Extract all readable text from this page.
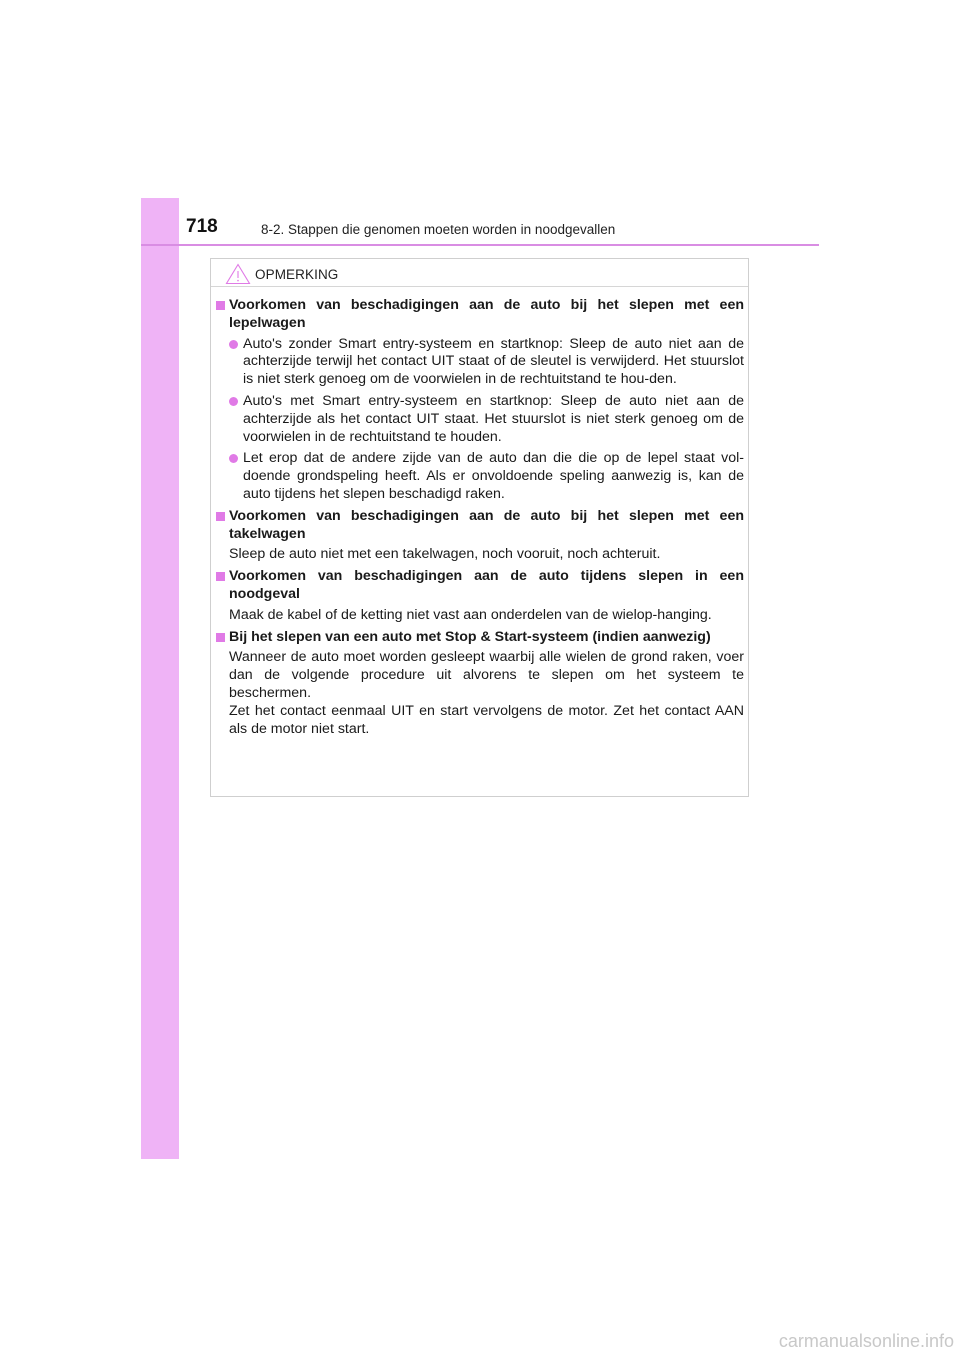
718	8-2. Stappen die genomen moeten worden in noodgevallen
OPMERKING
Voorkomen van beschadigingen aan de auto bij het slepen met een lepelwagen
Auto's zonder Smart entry-systeem en startknop: Sleep de auto niet aan de achterzijde terwijl het contact UIT staat of de sleutel is verwijderd. Het stuurslot is niet sterk genoeg om de voorwielen in de rechtuitstand te hou-den.
Auto's met Smart entry-systeem en startknop: Sleep de auto niet aan de achterzijde als het contact UIT staat. Het stuurslot is niet sterk genoeg om de voorwielen in de rechtuitstand te houden.
Let erop dat de andere zijde van de auto dan die die op de lepel staat vol-doende grondspeling heeft. Als er onvoldoende speling aanwezig is, kan de auto tijdens het slepen beschadigd raken.
Voorkomen van beschadigingen aan de auto bij het slepen met een takelwagen
Sleep de auto niet met een takelwagen, noch vooruit, noch achteruit.
Voorkomen van beschadigingen aan de auto tijdens slepen in een noodgeval
Maak de kabel of de ketting niet vast aan onderdelen van de wielop-hanging.
Bij het slepen van een auto met Stop & Start-systeem (indien aanwezig)
Wanneer de auto moet worden gesleept waarbij alle wielen de grond raken, voer dan de volgende procedure uit alvorens te slepen om het systeem te beschermen.
Zet het contact eenmaal UIT en start vervolgens de motor. Zet het contact AAN als de motor niet start.
carmanualsonline.info
